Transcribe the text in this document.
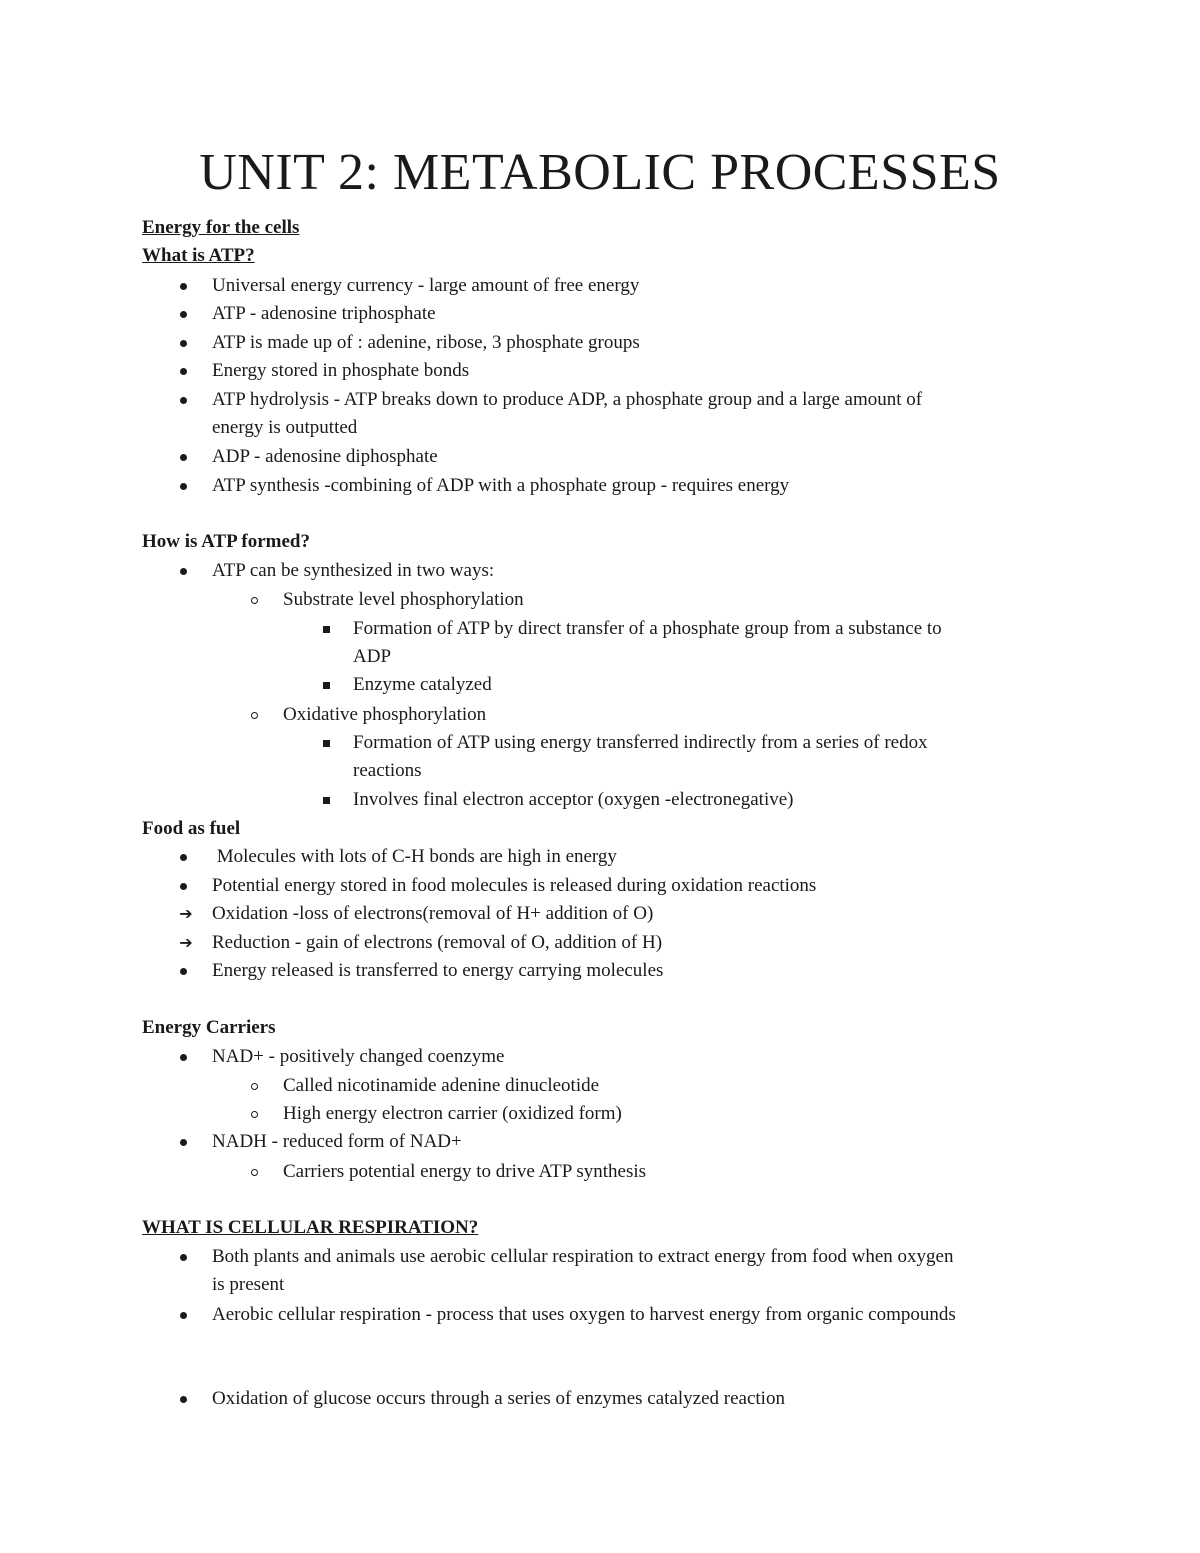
UNIT 2: METABOLIC PROCESSES
Energy for the cells
What is ATP?
Universal energy currency - large amount of free energy
ATP - adenosine triphosphate
ATP is made up of : adenine, ribose, 3 phosphate groups
Energy stored in phosphate bonds
ATP hydrolysis - ATP breaks down to produce ADP, a phosphate group and a large amount of
energy is outputted
ADP - adenosine diphosphate
ATP synthesis -combining of ADP with a phosphate group - requires energy
How is ATP formed?
ATP can be synthesized in two ways:
Substrate level phosphorylation
Formation of ATP by direct transfer of a phosphate group from a substance to
ADP
Enzyme catalyzed
Oxidative phosphorylation
Formation of ATP using energy transferred indirectly from a series of redox
reactions
Involves final electron acceptor (oxygen -electronegative)
Food as fuel
Molecules with lots of C-H bonds are high in energy
Potential energy stored in food molecules is released during oxidation reactions
➔ Oxidation -loss of electrons(removal of H+ addition of O)
➔ Reduction - gain of electrons (removal of O, addition of H)
Energy released is transferred to energy carrying molecules
Energy Carriers
NAD+ - positively changed coenzyme
Called nicotinamide adenine dinucleotide
High energy electron carrier (oxidized form)
NADH - reduced form of NAD+
Carriers potential energy to drive ATP synthesis
WHAT IS CELLULAR RESPIRATION?
Both plants and animals use aerobic cellular respiration to extract energy from food when oxygen
is present
Aerobic cellular respiration - process that uses oxygen to harvest energy from organic compounds
Oxidation of glucose occurs through a series of enzymes catalyzed reaction
